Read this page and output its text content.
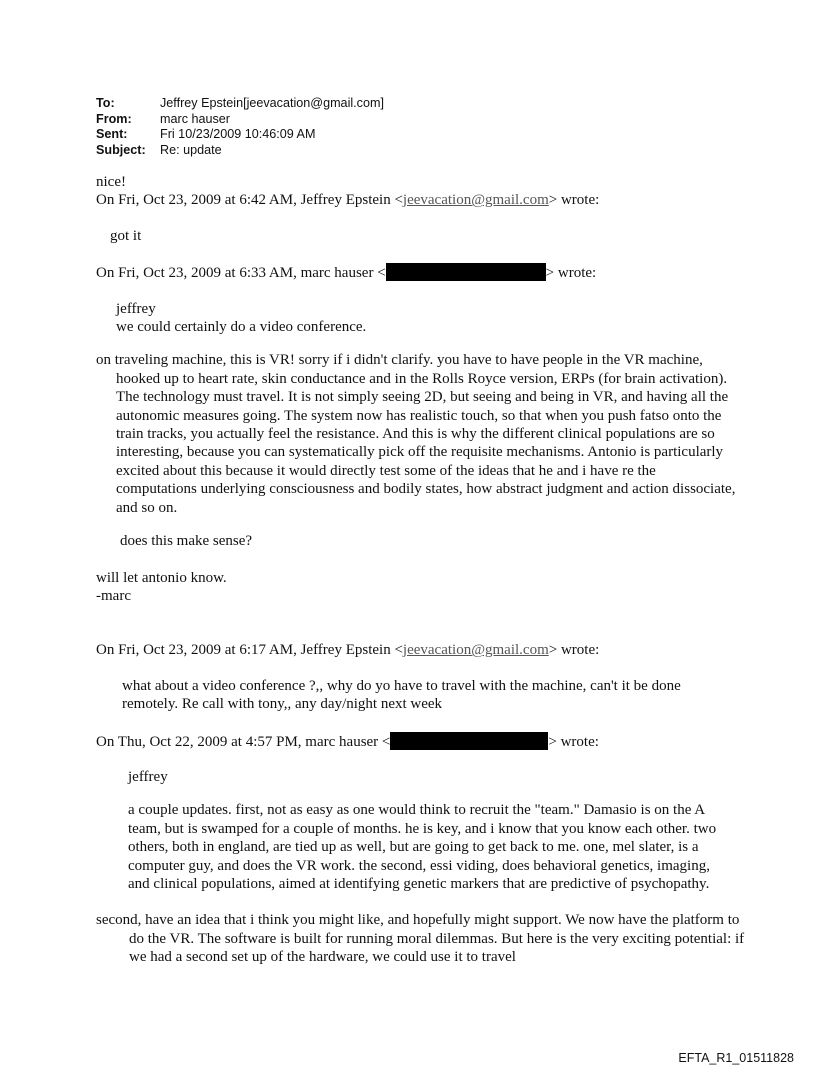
To:	Jeffrey Epstein[jeevacation@gmail.com]
From:	marc hauser
Sent:	Fri 10/23/2009 10:46:09 AM
Subject:	Re: update

nice!

On Fri, Oct 23, 2009 at 6:42 AM, Jeffrey Epstein <jeevacation@gmail.com> wrote:

got it

On Fri, Oct 23, 2009 at 6:33 AM, marc hauser <	> wrote:

jeffrey

we could certainly do a video conference.

on traveling machine, this is VR! sorry if i didn't clarify. you have to have people in the VR machine, hooked up to heart rate, skin conductance and in the Rolls Royce version, ERPs (for brain activation). The technology must travel. It is not simply seeing 2D, but seeing and being in VR, and having all the autonomic measures going. The system now has realistic touch, so that when you push fatso onto the train tracks, you actually feel the resistance. And this is why the different clinical populations are so interesting, because you can systematically pick off the requisite mechanisms. Antonio is particularly excited about this because it would directly test some of the ideas that he and i have re the computations underlying consciousness and bodily states, how abstract judgment and action dissociate, and so on.

does this make sense?

will let antonio know.

-marc

On Fri, Oct 23, 2009 at 6:17 AM, Jeffrey Epstein <jeevacation@gmail.com> wrote:

what about a video conference ?,, why do yo have to travel with the machine, can't it be done remotely. Re call with tony,, any day/night next week

On Thu, Oct 22, 2009 at 4:57 PM, marc hauser <	> wrote:

jeffrey

a couple updates. first, not as easy as one would think to recruit the "team." Damasio is on the A team, but is swamped for a couple of months. he is key, and i know that you know each other. two others, both in england, are tied up as well, but are going to get back to me. one, mel slater, is a computer guy, and does the VR work. the second, essi viding, does behavioral genetics, imaging, and clinical populations, aimed at identifying genetic markers that are predictive of psychopathy.

second, have an idea that i think you might like, and hopefully might support. We now have the platform to do the VR. The software is built for running moral dilemmas. But here is the very exciting potential: if we had a second set up of the hardware, we could use it to travel

EFTA_R1_01511828
